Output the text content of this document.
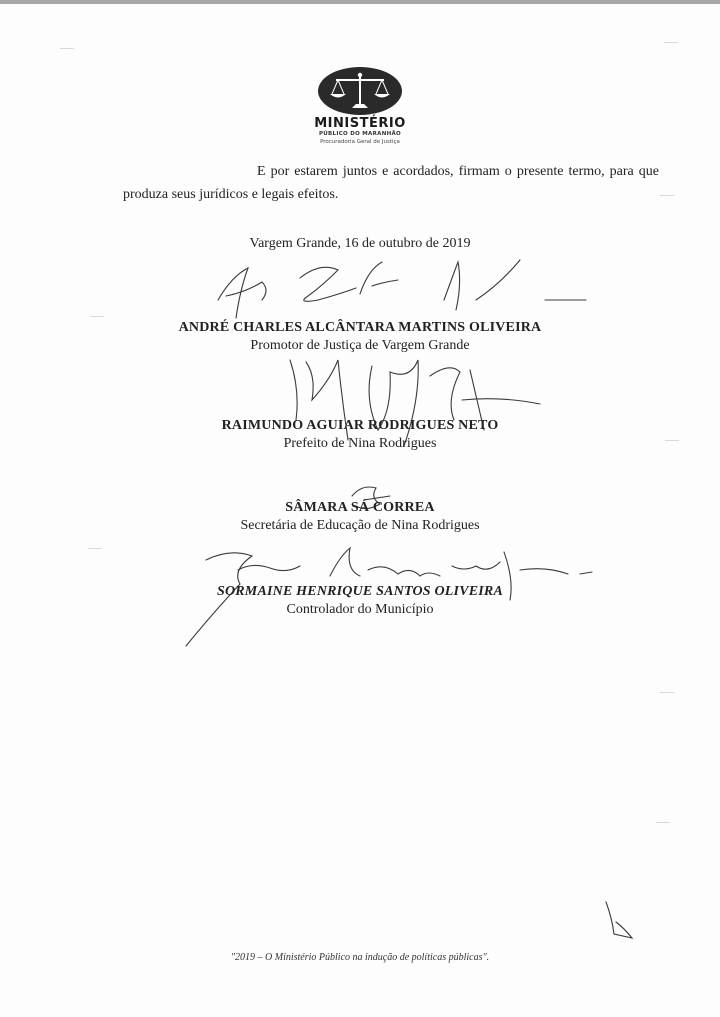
MINISTÉRIO
PÚBLICO DO MARANHÃO
Procuradoria Geral de Justiça
E por estarem juntos e acordados, firmam o presente termo, para que produza seus jurídicos e legais efeitos.
Vargem Grande, 16 de outubro de 2019
ANDRÉ CHARLES ALCÂNTARA MARTINS OLIVEIRA
Promotor de Justiça de Vargem Grande
RAIMUNDO AGUIAR RODRIGUES NETO
Prefeito de Nina Rodrigues
SÂMARA SÁ CORREA
Secretária de Educação de Nina Rodrigues
SORMAINE HENRIQUE SANTOS OLIVEIRA
Controlador do Município
"2019 – O Ministério Público na indução de políticas públicas".
